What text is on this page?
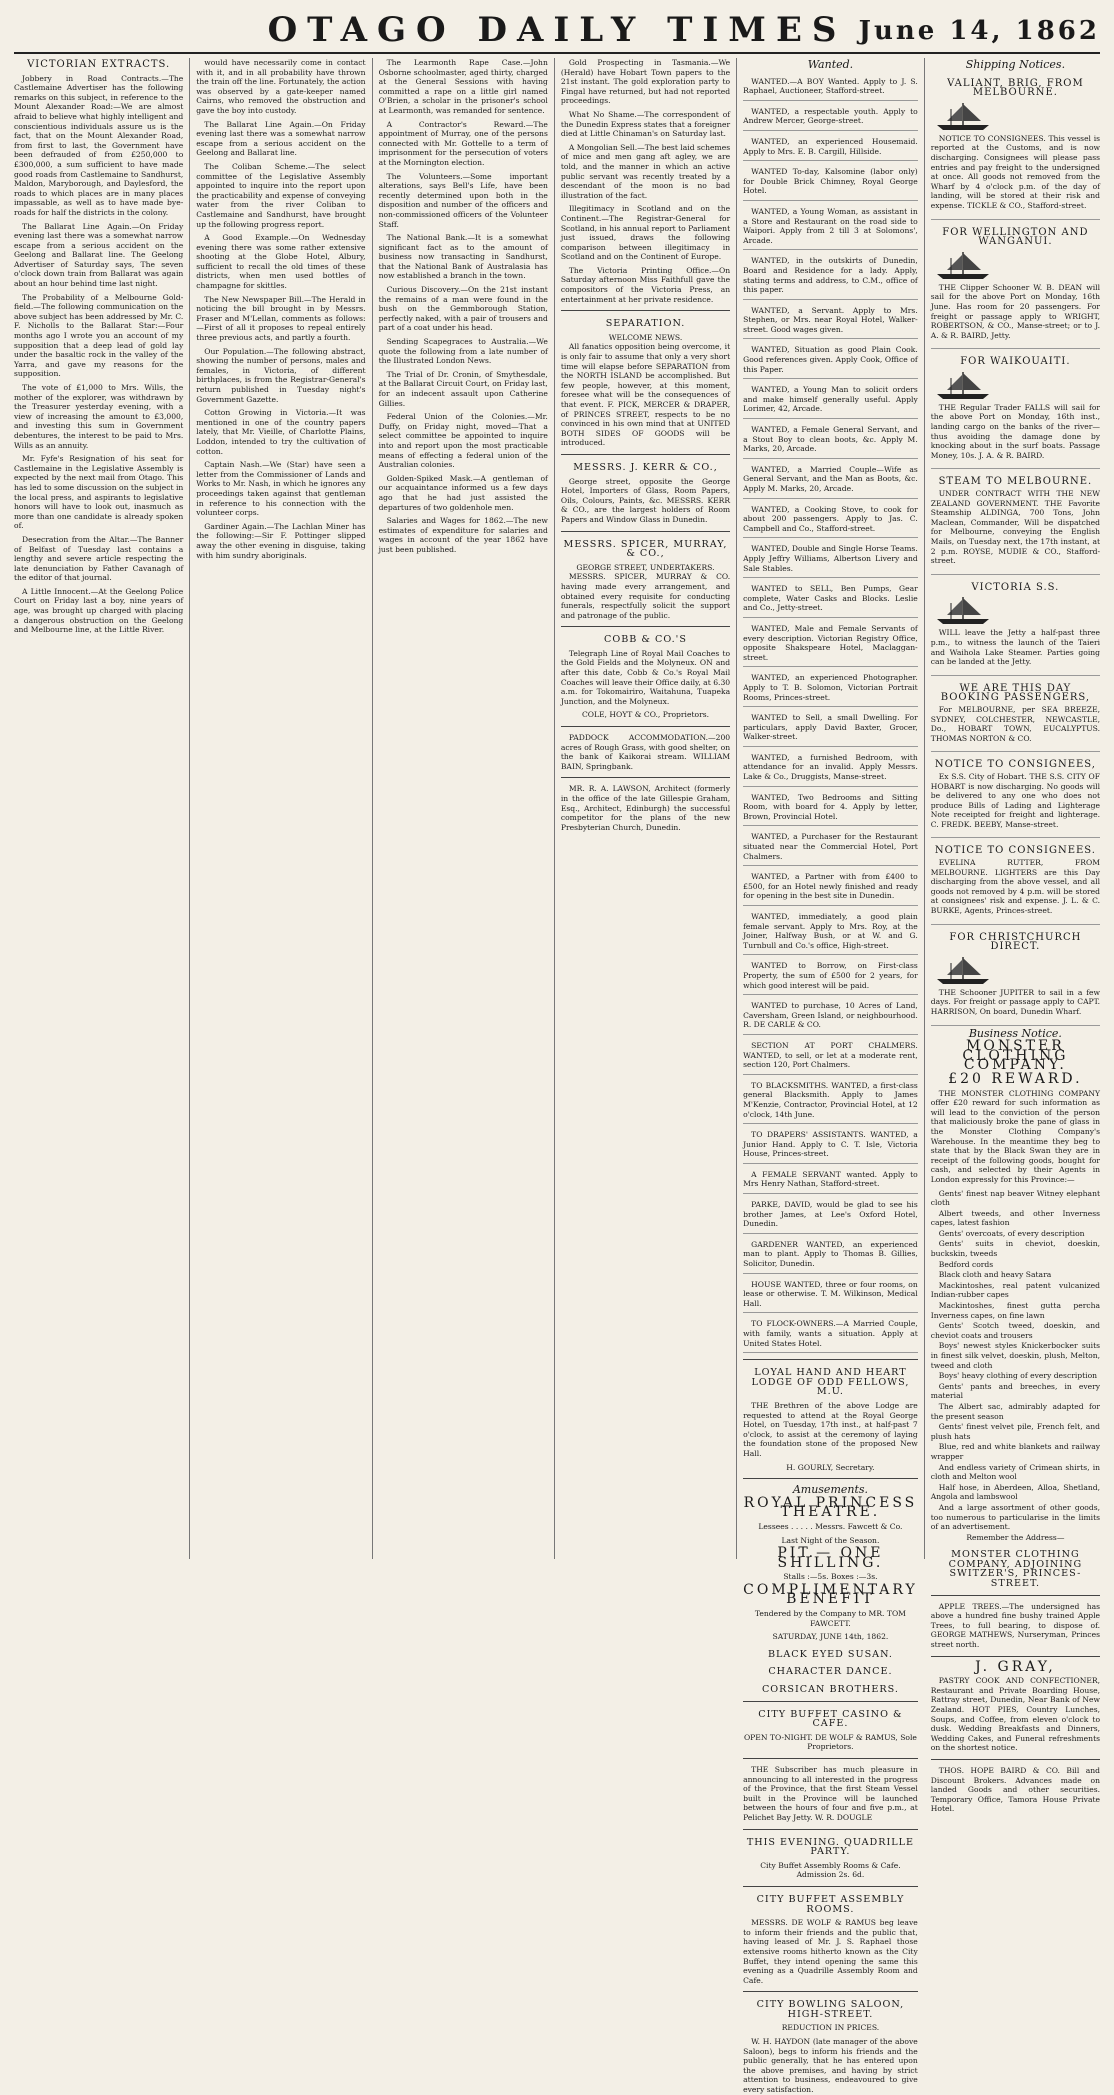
OTAGO DAILY TIMES June 14, 1862
VICTORIAN EXTRACTS.

Jobbery in Road Contracts.—The Castlemaine Advertiser has the following remarks on this subject, in reference to the Mount Alexander Road:—We are almost afraid to believe what highly intelligent and conscientious individuals assure us is the fact, that on the Mount Alexander Road, from first to last, the Government have been defrauded of from £250,000 to £300,000, a sum sufficient to have made good roads from Castlemaine to Sandhurst, Maldon, Maryborough, and Daylesford, the roads to which places are in many places impassable, as well as to have made bye-roads for half the districts in the colony.

The Ballarat Line Again.—On Friday evening last there was a somewhat narrow escape from a serious accident on the Geelong and Ballarat line. The Geelong Advertiser of Saturday says, The seven o'clock down train from Ballarat was again about an hour behind time last night.

The Probability of a Melbourne Gold-field.—The following communication on the above subject has been addressed by Mr. C. F. Nicholls to the Ballarat Star:—Four months ago I wrote you an account of my supposition that a deep lead of gold lay under the basaltic rock in the valley of the Yarra, and gave my reasons for the supposition.

The vote of £1,000 to Mrs. Wills, the mother of the explorer, was withdrawn by the Treasurer yesterday evening, with a view of increasing the amount to £3,000, and investing this sum in Government debentures, the interest to be paid to Mrs. Wills as an annuity.

Mr. Fyfe's Resignation of his seat for Castlemaine in the Legislative Assembly is expected by the next mail from Otago. This has led to some discussion on the subject in the local press, and aspirants to legislative honors will have to look out, inasmuch as more than one candidate is already spoken of.

Desecration from the Altar.—The Banner of Belfast of Tuesday last contains a lengthy and severe article respecting the late denunciation by Father Cavanagh of the editor of that journal.

A Little Innocent.—At the Geelong Police Court on Friday last a boy, nine years of age, was brought up charged with placing a dangerous obstruction on the Geelong and Melbourne line, at the Little River.

would have necessarily come in contact with it, and in all probability have thrown the train off the line. Fortunately, the action was observed by a gate-keeper named Cairns, who removed the obstruction and gave the boy into custody.

The Ballarat Line Again.—On Friday evening last there was a somewhat narrow escape from a serious accident on the Geelong and Ballarat line.

The Coliban Scheme.—The select committee of the Legislative Assembly appointed to inquire into the report upon the practicability and expense of conveying water from the river Coliban to Castlemaine and Sandhurst, have brought up the following progress report.

A Good Example.—On Wednesday evening there was some rather extensive shooting at the Globe Hotel, Albury, sufficient to recall the old times of these districts, when men used bottles of champagne for skittles.

The New Newspaper Bill.—The Herald in noticing the bill brought in by Messrs. Fraser and M'Lellan, comments as follows:—First of all it proposes to repeal entirely three previous acts, and partly a fourth.

Our Population.—The following abstract, showing the number of persons, males and females, in Victoria, of different birthplaces, is from the Registrar-General's return published in Tuesday night's Government Gazette.

Cotton Growing in Victoria.—It was mentioned in one of the country papers lately, that Mr. Vieille, of Charlotte Plains, Loddon, intended to try the cultivation of cotton.

Captain Nash.—We (Star) have seen a letter from the Commissioner of Lands and Works to Mr. Nash, in which he ignores any proceedings taken against that gentleman in reference to his connection with the volunteer corps.

Gardiner Again.—The Lachlan Miner has the following:—Sir F. Pottinger slipped away the other evening in disguise, taking with him sundry aboriginals.

The Learmonth Rape Case.—John Osborne schoolmaster, aged thirty, charged at the General Sessions with having committed a rape on a little girl named O'Brien, a scholar in the prisoner's school at Learmonth, was remanded for sentence.

A Contractor's Reward.—The appointment of Murray, one of the persons connected with Mr. Gottelle to a term of imprisonment for the persecution of voters at the Mornington election.

The Volunteers.—Some important alterations, says Bell's Life, have been recently determined upon both in the disposition and number of the officers and non-commissioned officers of the Volunteer Staff.

The National Bank.—It is a somewhat significant fact as to the amount of business now transacting in Sandhurst, that the National Bank of Australasia has now established a branch in the town.

Curious Discovery.—On the 21st instant the remains of a man were found in the bush on the Gemmborough Station, perfectly naked, with a pair of trousers and part of a coat under his head.

Sending Scapegraces to Australia.—We quote the following from a late number of the Illustrated London News.

The Trial of Dr. Cronin, of Smythesdale, at the Ballarat Circuit Court, on Friday last, for an indecent assault upon Catherine Gillies.

Federal Union of the Colonies.—Mr. Duffy, on Friday night, moved—That a select committee be appointed to inquire into and report upon the most practicable means of effecting a federal union of the Australian colonies.

Golden-Spiked Mask.—A gentleman of our acquaintance informed us a few days ago that he had just assisted the departures of two goldenhole men.

Salaries and Wages for 1862.—The new estimates of expenditure for salaries and wages in account of the year 1862 have just been published.

Gold Prospecting in Tasmania.—We (Herald) have Hobart Town papers to the 21st instant. The gold exploration party to Fingal have returned, but had not reported proceedings.

What No Shame.—The correspondent of the Dunedin Express states that a foreigner died at Little Chinaman's on Saturday last.

A Mongolian Sell.—The best laid schemes of mice and men gang aft agley, we are told, and the manner in which an active public servant was recently treated by a descendant of the moon is no bad illustration of the fact.

Illegitimacy in Scotland and on the Continent.—The Registrar-General for Scotland, in his annual report to Parliament just issued, draws the following comparison between illegitimacy in Scotland and on the Continent of Europe.

The Victoria Printing Office.—On Saturday afternoon Miss Faithfull gave the compositors of the Victoria Press, an entertainment at her private residence.

SEPARATION.
WELCOME NEWS.

All fanatics opposition being overcome, it is only fair to assume that only a very short time will elapse before SEPARATION from the NORTH ISLAND be accomplished. But few people, however, at this moment, foresee what will be the consequences of that event. F. PICK, MERCER & DRAPER, of PRINCES STREET, respects to be no convinced in his own mind that at UNITED BOTH SIDES OF GOODS will be introduced.

MESSRS. J. KERR & CO.,

George street, opposite the George Hotel, Importers of Glass, Room Papers, Oils, Colours, Paints, &c. MESSRS. KERR & CO., are the largest holders of Room Papers and Window Glass in Dunedin.

MESSRS. SPICER, MURRAY, & CO.,
GEORGE STREET, UNDERTAKERS.

MESSRS. SPICER, MURRAY & CO. having made every arrangement, and obtained every requisite for conducting funerals, respectfully solicit the support and patronage of the public.

COBB & CO.'S

Telegraph Line of Royal Mail Coaches to the Gold Fields and the Molyneux. ON and after this date, Cobb & Co.'s Royal Mail Coaches will leave their Office daily, at 6.30 a.m. for Tokomairiro, Waitahuna, Tuapeka Junction, and the Molyneux.

COLE, HOYT & CO., Proprietors.

PADDOCK ACCOMMODATION.—200 acres of Rough Grass, with good shelter, on the bank of Kaikorai stream. WILLIAM BAIN, Springbank.

MR. R. A. LAWSON, Architect (formerly in the office of the late Gillespie Graham, Esq., Architect, Edinburgh) the successful competitor for the plans of the new Presbyterian Church, Dunedin.

Wanted.

WANTED.—A BOY Wanted. Apply to J. S. Raphael, Auctioneer, Stafford-street.

WANTED, a respectable youth. Apply to Andrew Mercer, George-street.

WANTED, an experienced Housemaid. Apply to Mrs. E. B. Cargill, Hillside.

WANTED To-day, Kalsomine (labor only) for Double Brick Chimney, Royal George Hotel.

WANTED, a Young Woman, as assistant in a Store and Restaurant on the road side to Waipori. Apply from 2 till 3 at Solomons', Arcade.

WANTED, in the outskirts of Dunedin, Board and Residence for a lady. Apply, stating terms and address, to C.M., office of this paper.

WANTED, a Servant. Apply to Mrs. Stephen, or Mrs. near Royal Hotel, Walker-street. Good wages given.

WANTED, Situation as good Plain Cook. Good references given. Apply Cook, Office of this Paper.

WANTED, a Young Man to solicit orders and make himself generally useful. Apply Lorimer, 42, Arcade.

WANTED, a Female General Servant, and a Stout Boy to clean boots, &c. Apply M. Marks, 20, Arcade.

WANTED, a Married Couple—Wife as General Servant, and the Man as Boots, &c. Apply M. Marks, 20, Arcade.

WANTED, a Cooking Stove, to cook for about 200 passengers. Apply to Jas. C. Campbell and Co., Stafford-street.

WANTED, Double and Single Horse Teams. Apply Jeffry Williams, Albertson Livery and Sale Stables.

WANTED to SELL, Ben Pumps, Gear complete, Water Casks and Blocks. Leslie and Co., Jetty-street.

WANTED, Male and Female Servants of every description. Victorian Registry Office, opposite Shakspeare Hotel, Maclaggan-street.

WANTED, an experienced Photographer. Apply to T. B. Solomon, Victorian Portrait Rooms, Princes-street.

WANTED to Sell, a small Dwelling. For particulars, apply David Baxter, Grocer, Walker-street.

WANTED, a furnished Bedroom, with attendance for an invalid. Apply Messrs. Lake & Co., Druggists, Manse-street.

WANTED, Two Bedrooms and Sitting Room, with board for 4. Apply by letter, Brown, Provincial Hotel.

WANTED, a Purchaser for the Restaurant situated near the Commercial Hotel, Port Chalmers.

WANTED, a Partner with from £400 to £500, for an Hotel newly finished and ready for opening in the best site in Dunedin.

WANTED, immediately, a good plain female servant. Apply to Mrs. Roy, at the Joiner, Halfway Bush, or at W. and G. Turnbull and Co.'s office, High-street.

WANTED to Borrow, on First-class Property, the sum of £500 for 2 years, for which good interest will be paid.

WANTED to purchase, 10 Acres of Land, Caversham, Green Island, or neighbourhood. R. DE CARLE & CO.

SECTION AT PORT CHALMERS. WANTED, to sell, or let at a moderate rent, section 120, Port Chalmers.

TO BLACKSMITHS. WANTED, a first-class general Blacksmith. Apply to James M'Kenzie, Contractor, Provincial Hotel, at 12 o'clock, 14th June.

TO DRAPERS' ASSISTANTS. WANTED, a Junior Hand. Apply to C. T. Isle, Victoria House, Princes-street.

A FEMALE SERVANT wanted. Apply to Mrs Henry Nathan, Stafford-street.

PARKE, DAVID, would be glad to see his brother James, at Lee's Oxford Hotel, Dunedin.

GARDENER WANTED, an experienced man to plant. Apply to Thomas B. Gillies, Solicitor, Dunedin.

HOUSE WANTED, three or four rooms, on lease or otherwise. T. M. Wilkinson, Medical Hall.

TO FLOCK-OWNERS.—A Married Couple, with family, wants a situation. Apply at United States Hotel.

LOYAL HAND AND HEART LODGE OF ODD FELLOWS, M.U.

THE Brethren of the above Lodge are requested to attend at the Royal George Hotel, on Tuesday, 17th inst., at half-past 7 o'clock, to assist at the ceremony of laying the foundation stone of the proposed New Hall.

H. GOURLY, Secretary.

Amusements.
ROYAL PRINCESS THEATRE.

Lessees . . . . . Messrs. Fawcett & Co.

Last Night of the Season.

PIT.— ONE SHILLING.

Stalls :—5s. Boxes :—3s.

COMPLIMENTARY BENEFIT

Tendered by the Company to MR. TOM FAWCETT.

SATURDAY, JUNE 14th, 1862.

BLACK EYED SUSAN.
CHARACTER DANCE.
CORSICAN BROTHERS.
CITY BUFFET CASINO & CAFE.

OPEN TO-NIGHT. DE WOLF & RAMUS, Sole Proprietors.

THE Subscriber has much pleasure in announcing to all interested in the progress of the Province, that the first Steam Vessel built in the Province will be launched between the hours of four and five p.m., at Pelichet Bay Jetty. W. R. DOUGLE

THIS EVENING. QUADRILLE PARTY.

City Buffet Assembly Rooms & Cafe. Admission 2s. 6d.

CITY BUFFET ASSEMBLY ROOMS.

MESSRS. DE WOLF & RAMUS beg leave to inform their friends and the public that, having leased of Mr. J. S. Raphael those extensive rooms hitherto known as the City Buffet, they intend opening the same this evening as a Quadrille Assembly Room and Cafe.

CITY BOWLING SALOON, HIGH-STREET.

REDUCTION IN PRICES.

W. H. HAYDON (late manager of the above Saloon), begs to inform his friends and the public generally, that he has entered upon the above premises, and having by strict attention to business, endeavoured to give every satisfaction.

Shipping Notices.
VALIANT, BRIG, FROM MELBOURNE.

NOTICE TO CONSIGNEES. This vessel is reported at the Customs, and is now discharging. Consignees will please pass entries and pay freight to the undersigned at once. All goods not removed from the Wharf by 4 o'clock p.m. of the day of landing, will be stored at their risk and expense. TICKLE & CO., Stafford-street.

FOR WELLINGTON AND WANGANUI.

THE Clipper Schooner W. B. DEAN will sail for the above Port on Monday, 16th June. Has room for 20 passengers. For freight or passage apply to WRIGHT, ROBERTSON, & CO., Manse-street; or to J. A. & R. BAIRD, Jetty.

FOR WAIKOUAITI.

THE Regular Trader FALLS will sail for the above Port on Monday, 16th inst., landing cargo on the banks of the river—thus avoiding the damage done by knocking about in the surf boats. Passage Money, 10s. J. A. & R. BAIRD.

STEAM TO MELBOURNE.

UNDER CONTRACT WITH THE NEW ZEALAND GOVERNMENT. THE Favorite Steamship ALDINGA, 700 Tons, John Maclean, Commander, Will be dispatched for Melbourne, conveying the English Mails, on Tuesday next, the 17th instant, at 2 p.m. ROYSE, MUDIE & CO., Stafford-street.

VICTORIA S.S.

WILL leave the Jetty a half-past three p.m., to witness the launch of the Taieri and Waihola Lake Steamer. Parties going can be landed at the Jetty.

WE ARE THIS DAY BOOKING PASSENGERS,

For MELBOURNE, per SEA BREEZE, SYDNEY, COLCHESTER, NEWCASTLE, Do., HOBART TOWN, EUCALYPTUS. THOMAS NORTON & CO.

NOTICE TO CONSIGNEES,

Ex S.S. City of Hobart. THE S.S. CITY OF HOBART is now discharging. No goods will be delivered to any one who does not produce Bills of Lading and Lighterage Note receipted for freight and lighterage. C. FREDK. BEEBY, Manse-street.

NOTICE TO CONSIGNEES.

EVELINA RUTTER, FROM MELBOURNE. LIGHTERS are this Day discharging from the above vessel, and all goods not removed by 4 p.m. will be stored at consignees' risk and expense. J. L. & C. BURKE, Agents, Princes-street.

FOR CHRISTCHURCH DIRECT.

THE Schooner JUPITER to sail in a few days. For freight or passage apply to CAPT. HARRISON, On board, Dunedin Wharf.

Business Notice.
MONSTER CLOTHING COMPANY.
£20 REWARD.

THE MONSTER CLOTHING COMPANY offer £20 reward for such information as will lead to the conviction of the person that maliciously broke the pane of glass in the Monster Clothing Company's Warehouse. In the meantime they beg to state that by the Black Swan they are in receipt of the following goods, bought for cash, and selected by their Agents in London expressly for this Province:—

Gents' finest nap beaver Witney elephant cloth

Albert tweeds, and other Inverness capes, latest fashion

Gents' overcoats, of every description

Gents' suits in cheviot, doeskin, buckskin, tweeds

Bedford cords

Black cloth and heavy Satara

Mackintoshes, real patent vulcanized Indian-rubber capes

Mackintoshes, finest gutta percha Inverness capes, on fine lawn

Gents' Scotch tweed, doeskin, and cheviot coats and trousers

Boys' newest styles Knickerbocker suits in finest silk velvet, doeskin, plush, Melton, tweed and cloth

Boys' heavy clothing of every description

Gents' pants and breeches, in every material

The Albert sac, admirably adapted for the present season

Gents' finest velvet pile, French felt, and plush hats

Blue, red and white blankets and railway wrapper

And endless variety of Crimean shirts, in cloth and Melton wool

Half hose, in Aberdeen, Alloa, Shetland, Angola and lambswool

And a large assortment of other goods, too numerous to particularise in the limits of an advertisement.

Remember the Address—

MONSTER CLOTHING COMPANY, ADJOINING SWITZER'S, PRINCES-STREET.

APPLE TREES.—The undersigned has above a hundred fine bushy trained Apple Trees, to full bearing, to dispose of. GEORGE MATHEWS, Nurseryman, Princes street north.

J. GRAY,

PASTRY COOK AND CONFECTIONER, Restaurant and Private Boarding House, Rattray street, Dunedin, Near Bank of New Zealand. HOT PIES, Country Lunches, Soups, and Coffee, from eleven o'clock to dusk. Wedding Breakfasts and Dinners, Wedding Cakes, and Funeral refreshments on the shortest notice.

THOS. HOPE BAIRD & CO. Bill and Discount Brokers. Advances made on landed Goods and other securities. Temporary Office, Tamora House Private Hotel.
